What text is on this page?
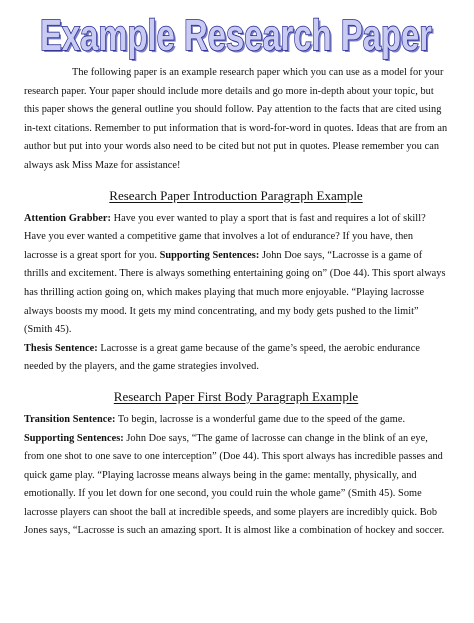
Example Research Paper
Example Research Paper

The following paper is an example research paper which you can use as a model for your research paper. Your paper should include more details and go more in-depth about your topic, but this paper shows the general outline you should follow. Pay attention to the facts that are cited using in-text citations. Remember to put information that is word-for-word in quotes. Ideas that are from an author but put into your words also need to be cited but not put in quotes. Please remember you can always ask Miss Maze for assistance!

Research Paper Introduction Paragraph Example

Attention Grabber: Have you ever wanted to play a sport that is fast and requires a lot of skill? Have you ever wanted a competitive game that involves a lot of endurance? If you have, then lacrosse is a great sport for you. Supporting Sentences: John Doe says, “Lacrosse is a game of thrills and excitement. There is always something entertaining going on” (Doe 44). This sport always has thrilling action going on, which makes playing that much more enjoyable. “Playing lacrosse always boosts my mood. It gets my mind concentrating, and my body gets pushed to the limit” (Smith 45).

Thesis Sentence: Lacrosse is a great game because of the game’s speed, the aerobic endurance needed by the players, and the game strategies involved.

Research Paper First Body Paragraph Example

Transition Sentence: To begin, lacrosse is a wonderful game due to the speed of the game.

Supporting Sentences: John Doe says, “The game of lacrosse can change in the blink of an eye, from one shot to one save to one interception” (Doe 44). This sport always has incredible passes and quick game play. “Playing lacrosse means always being in the game: mentally, physically, and emotionally. If you let down for one second, you could ruin the whole game” (Smith 45). Some lacrosse players can shoot the ball at incredible speeds, and some players are incredibly quick. Bob Jones says, “Lacrosse is such an amazing sport. It is almost like a combination of hockey and soccer.
